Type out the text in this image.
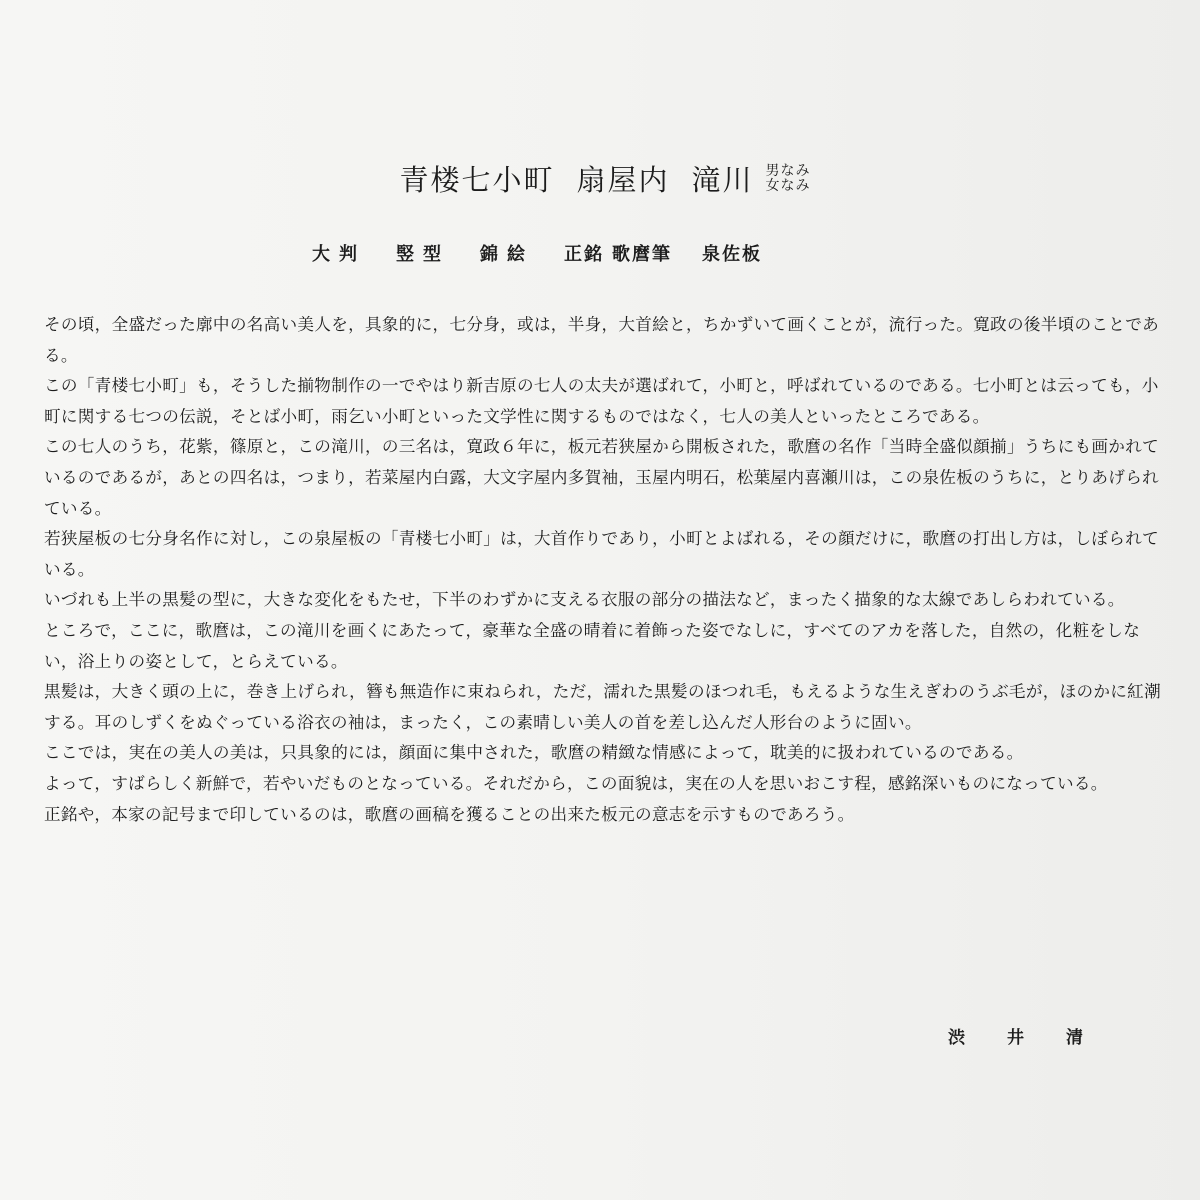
青楼七小町 扇屋内 滝川 男なみ
女なみ
大判 竪型 錦絵 正銘 歌麿筆 泉佐板

その頃，全盛だった廓中の名高い美人を，具象的に，七分身，或は，半身，大首絵と，ちかずいて画くことが，流行った。寛政の後半頃のことである。

この「青楼七小町」も，そうした揃物制作の一でやはり新吉原の七人の太夫が選ばれて，小町と，呼ばれているのである。七小町とは云っても，小町に関する七つの伝説，そとば小町，雨乞い小町といった文学性に関するものではなく，七人の美人といったところである。

この七人のうち，花紫，篠原と，この滝川，の三名は，寛政６年に，板元若狭屋から開板された，歌麿の名作「当時全盛似顔揃」うちにも画かれているのであるが，あとの四名は，つまり，若菜屋内白露，大文字屋内多賀袖，玉屋内明石，松葉屋内喜瀬川は，この泉佐板のうちに，とりあげられている。

若狭屋板の七分身名作に対し，この泉屋板の「青楼七小町」は，大首作りであり，小町とよばれる，その顔だけに，歌麿の打出し方は，しぼられている。

いづれも上半の黒髪の型に，大きな変化をもたせ，下半のわずかに支える衣服の部分の描法など，まったく描象的な太線であしらわれている。

ところで，ここに，歌麿は，この滝川を画くにあたって，豪華な全盛の晴着に着飾った姿でなしに，すべてのアカを落した，自然の，化粧をしない，浴上りの姿として，とらえている。

黒髪は，大きく頭の上に，巻き上げられ，簪も無造作に束ねられ，ただ，濡れた黒髪のほつれ毛，もえるような生えぎわのうぶ毛が，ほのかに紅潮する。耳のしずくをぬぐっている浴衣の袖は，まったく，この素晴しい美人の首を差し込んだ人形台のように固い。

ここでは，実在の美人の美は，只具象的には，顔面に集中された，歌麿の精緻な情感によって，耽美的に扱われているのである。

よって，すばらしく新鮮で，若やいだものとなっている。それだから，この面貌は，実在の人を思いおこす程，感銘深いものになっている。

正銘や，本家の記号まで印しているのは，歌麿の画稿を獲ることの出来た板元の意志を示すものであろう。

渋 井 清
